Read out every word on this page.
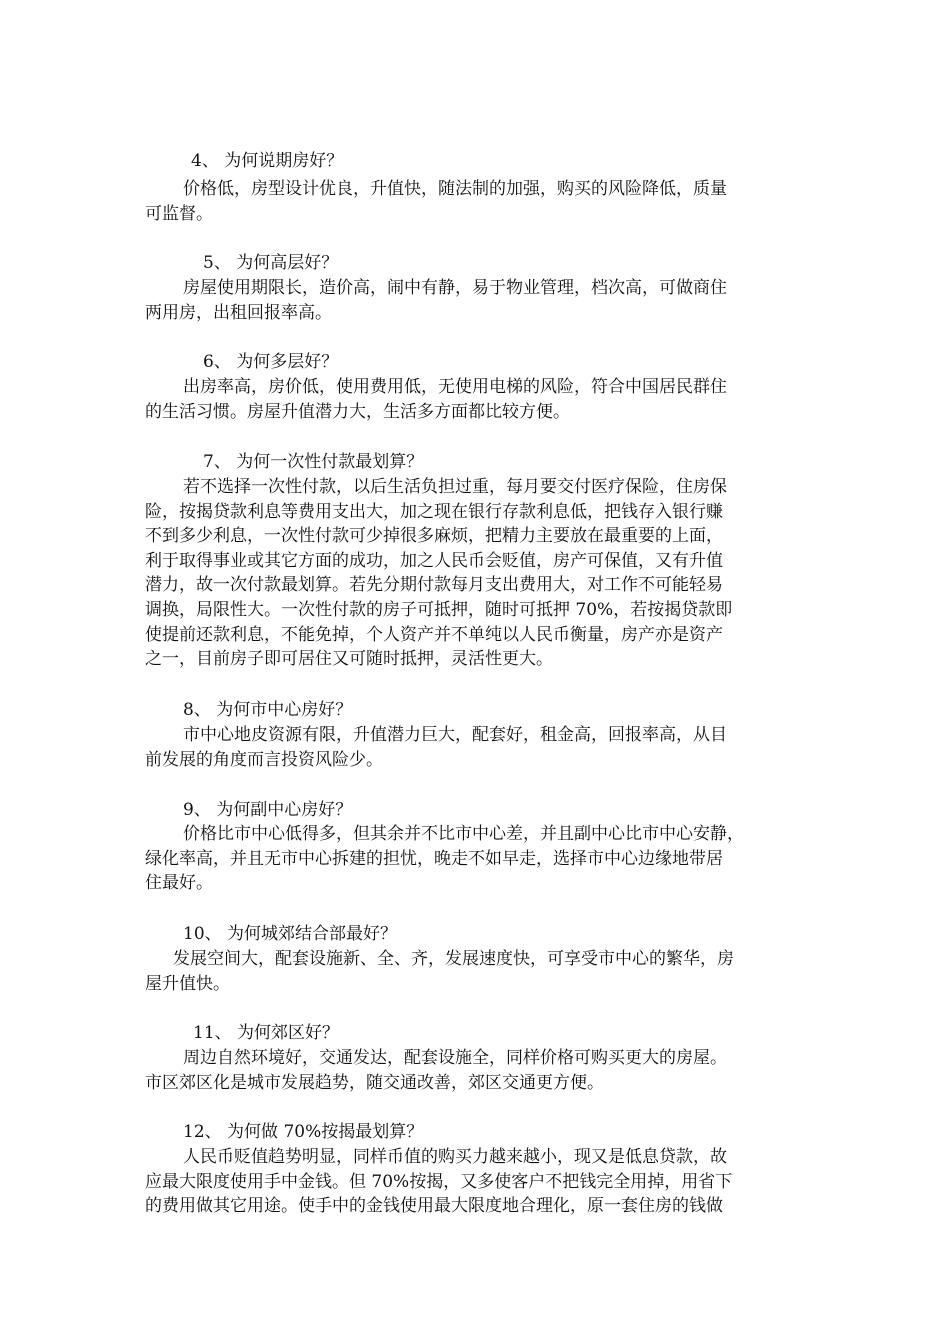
4、 为何说期房好？
价格低，房型设计优良，升值快，随法制的加强，购买的风险降低，质量
可监督。
5、 为何高层好？
房屋使用期限长，造价高，闹中有静，易于物业管理，档次高，可做商住
两用房，出租回报率高。
6、 为何多层好？
出房率高，房价低，使用费用低，无使用电梯的风险，符合中国居民群住
的生活习惯。房屋升值潜力大，生活多方面都比较方便。
7、 为何一次性付款最划算？
若不选择一次性付款，以后生活负担过重，每月要交付医疗保险，住房保
险，按揭贷款利息等费用支出大，加之现在银行存款利息低，把钱存入银行赚
不到多少利息，一次性付款可少掉很多麻烦，把精力主要放在最重要的上面，
利于取得事业或其它方面的成功，加之人民币会贬值，房产可保值，又有升值
潜力，故一次付款最划算。若先分期付款每月支出费用大，对工作不可能轻易
调换，局限性大。一次性付款的房子可抵押，随时可抵押 70%，若按揭贷款即
使提前还款利息，不能免掉，个人资产并不单纯以人民币衡量，房产亦是资产
之一，目前房子即可居住又可随时抵押，灵活性更大。
8、 为何市中心房好？
市中心地皮资源有限，升值潜力巨大，配套好，租金高，回报率高，从目
前发展的角度而言投资风险少。
9、 为何副中心房好？
价格比市中心低得多，但其余并不比市中心差，并且副中心比市中心安静，
绿化率高，并且无市中心拆建的担忧，晚走不如早走，选择市中心边缘地带居
住最好。
10、 为何城郊结合部最好？
发展空间大，配套设施新、全、齐，发展速度快，可享受市中心的繁华，房
屋升值快。
11、 为何郊区好？
周边自然环境好，交通发达，配套设施全，同样价格可购买更大的房屋。
市区郊区化是城市发展趋势，随交通改善，郊区交通更方便。
12、 为何做 70%按揭最划算？
人民币贬值趋势明显，同样币值的购买力越来越小，现又是低息贷款，故
应最大限度使用手中金钱。但 70%按揭，又多使客户不把钱完全用掉，用省下
的费用做其它用途。使手中的金钱使用最大限度地合理化，原一套住房的钱做
